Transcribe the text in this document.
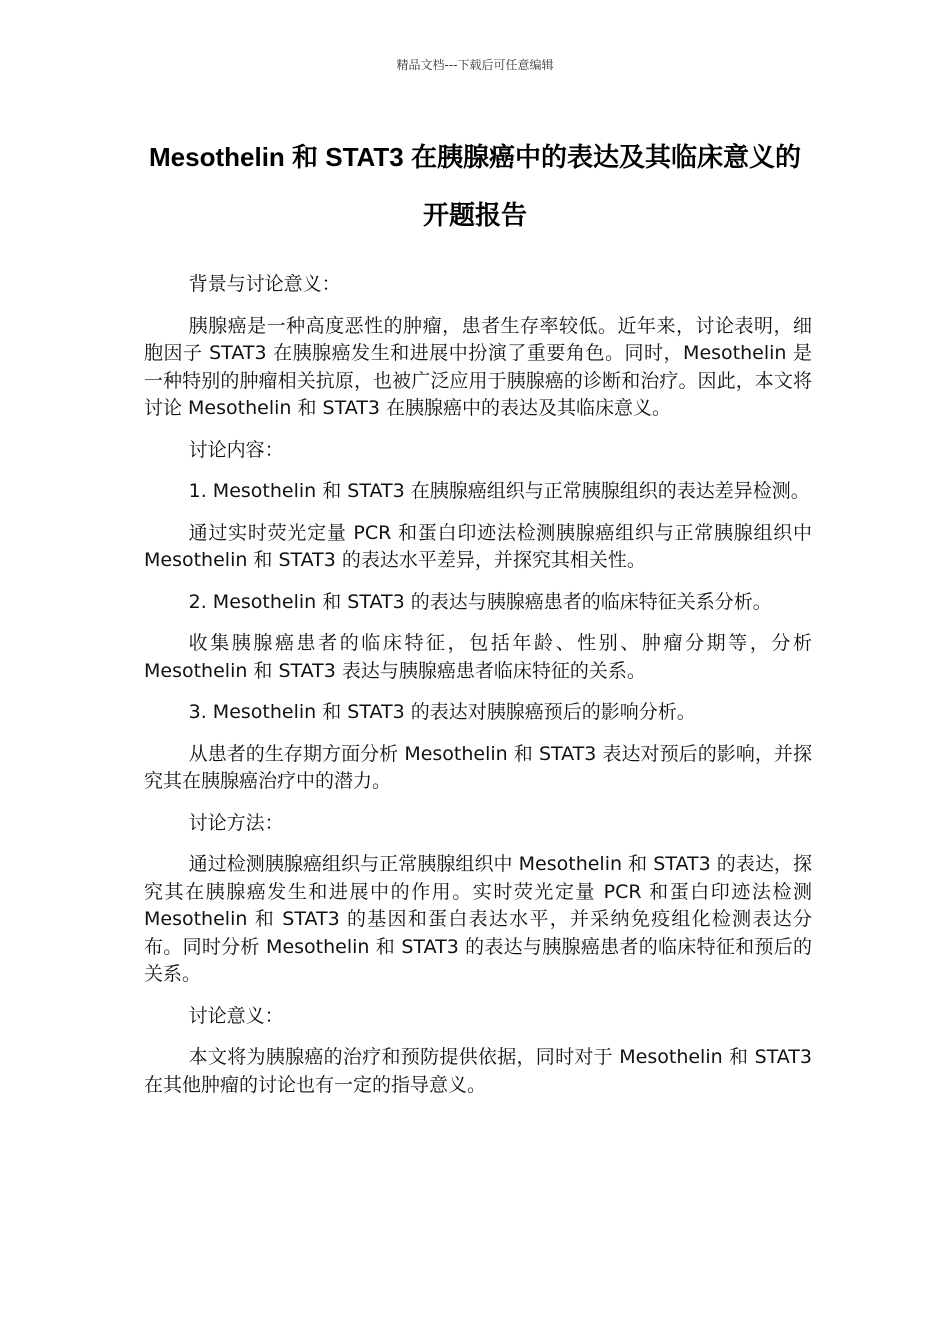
精品文档---下载后可任意编辑
Mesothelin 和 STAT3 在胰腺癌中的表达及其临床意义的开题报告

背景与讨论意义：

胰腺癌是一种高度恶性的肿瘤，患者生存率较低。近年来，讨论表明，细胞因子 STAT3 在胰腺癌发生和进展中扮演了重要角色。同时，Mesothelin 是一种特别的肿瘤相关抗原，也被广泛应用于胰腺癌的诊断和治疗。因此，本文将讨论 Mesothelin 和 STAT3 在胰腺癌中的表达及其临床意义。

讨论内容：

1. Mesothelin 和 STAT3 在胰腺癌组织与正常胰腺组织的表达差异检测。

通过实时荧光定量 PCR 和蛋白印迹法检测胰腺癌组织与正常胰腺组织中 Mesothelin 和 STAT3 的表达水平差异，并探究其相关性。

2. Mesothelin 和 STAT3 的表达与胰腺癌患者的临床特征关系分析。

收集胰腺癌患者的临床特征，包括年龄、性别、肿瘤分期等，分析 Mesothelin 和 STAT3 表达与胰腺癌患者临床特征的关系。

3. Mesothelin 和 STAT3 的表达对胰腺癌预后的影响分析。

从患者的生存期方面分析 Mesothelin 和 STAT3 表达对预后的影响，并探究其在胰腺癌治疗中的潜力。

讨论方法：

通过检测胰腺癌组织与正常胰腺组织中 Mesothelin 和 STAT3 的表达，探究其在胰腺癌发生和进展中的作用。实时荧光定量 PCR 和蛋白印迹法检测 Mesothelin 和 STAT3 的基因和蛋白表达水平，并采纳免疫组化检测表达分布。同时分析 Mesothelin 和 STAT3 的表达与胰腺癌患者的临床特征和预后的关系。

讨论意义：

本文将为胰腺癌的治疗和预防提供依据，同时对于 Mesothelin 和 STAT3 在其他肿瘤的讨论也有一定的指导意义。
